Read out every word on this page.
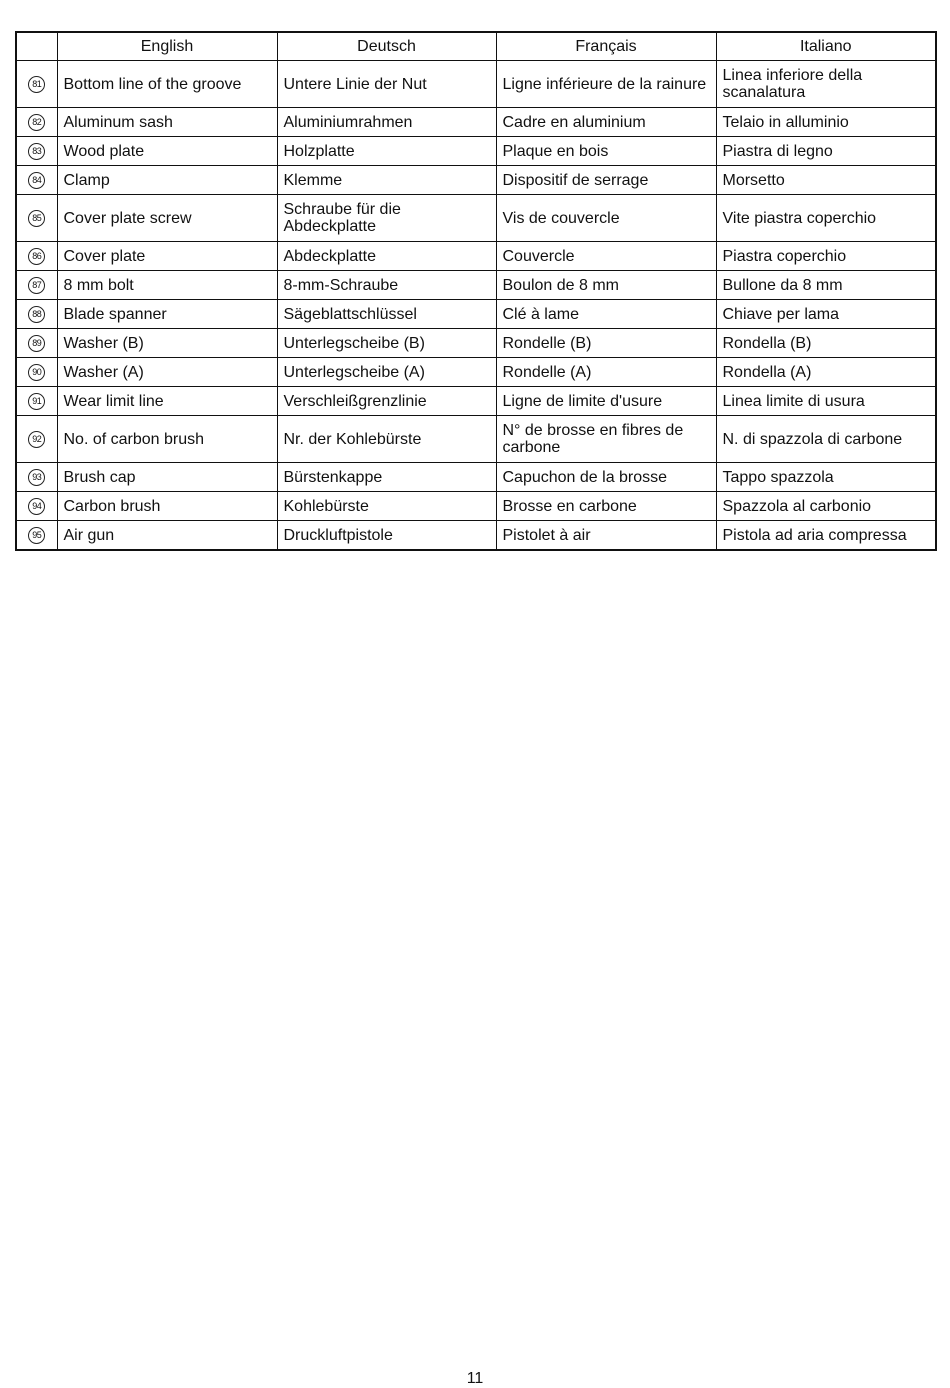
	English	Deutsch	Français	Italiano
81	Bottom line of the groove	Untere Linie der Nut	Ligne inférieure de la rainure	Linea inferiore della scanalatura
82	Aluminum sash	Aluminiumrahmen	Cadre en aluminium	Telaio in alluminio
83	Wood plate	Holzplatte	Plaque en bois	Piastra di legno
84	Clamp	Klemme	Dispositif de serrage	Morsetto
85	Cover plate screw	Schraube für die Abdeckplatte	Vis de couvercle	Vite piastra coperchio
86	Cover plate	Abdeckplatte	Couvercle	Piastra coperchio
87	8 mm bolt	8-mm-Schraube	Boulon de 8 mm	Bullone da 8 mm
88	Blade spanner	Sägeblattschlüssel	Clé à lame	Chiave per lama
89	Washer (B)	Unterlegscheibe (B)	Rondelle (B)	Rondella (B)
90	Washer (A)	Unterlegscheibe (A)	Rondelle (A)	Rondella (A)
91	Wear limit line	Verschleißgrenzlinie	Ligne de limite d'usure	Linea limite di usura
92	No. of carbon brush	Nr. der Kohlebürste	N° de brosse en fibres de carbone	N. di spazzola di carbone
93	Brush cap	Bürstenkappe	Capuchon de la brosse	Tappo spazzola
94	Carbon brush	Kohlebürste	Brosse en carbone	Spazzola al carbonio
95	Air gun	Druckluftpistole	Pistolet à air	Pistola ad aria compressa
11
